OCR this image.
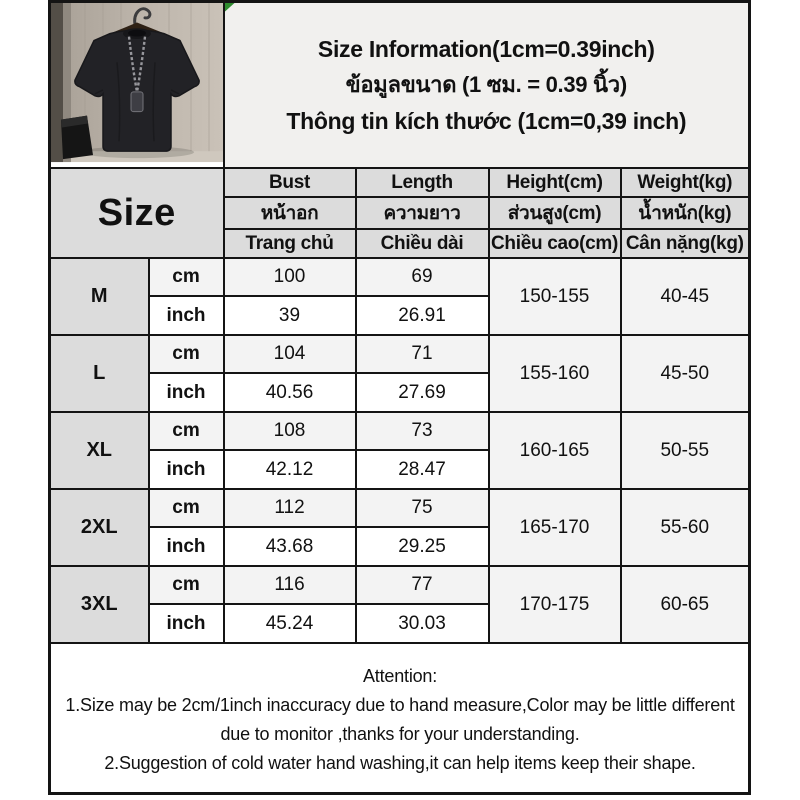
Size Information(1cm=0.39inch)
ข้อมูลขนาด (1 ซม. = 0.39 นิ้ว)
Thông tin kích thước (1cm=0,39 inch)			

Size		Bust	Length	Height(cm)	Weight(kg)
		หน้าอก	ความยาว	ส่วนสูง(cm)	น้ำหนัก(kg)
		Trang chủ	Chiều dài	Chiều cao(cm)	Cân nặng(kg)
M	cm	100	69	150-155	40-45
	inch	39	26.91		
L	cm	104	71	155-160	45-50
	inch	40.56	27.69		
XL	cm	108	73	160-165	50-55
	inch	42.12	28.47		
2XL	cm	112	75	165-170	55-60
	inch	43.68	29.25		
3XL	cm	116	77	170-175	60-65
	inch	45.24	30.03		

Attention:
1.Size may be 2cm/1inch inaccuracy due to hand measure,Color may be little different
due to monitor ,thanks for your understanding.
2.Suggestion of cold water hand washing,it can help items keep their shape.					
